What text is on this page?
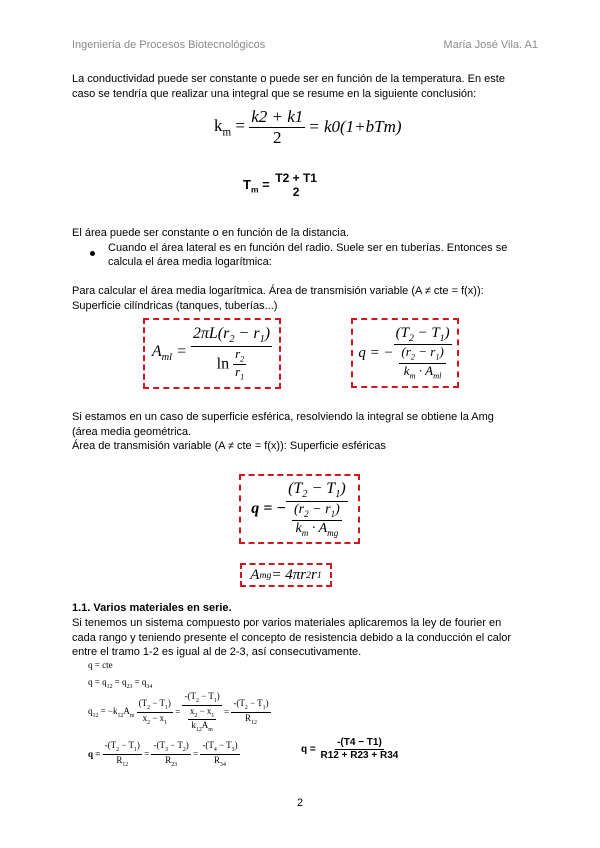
Ingeniería de Procesos Biotecnológicos	María José Vila. A1
La conductividad puede ser constante o puede ser en función de la temperatura. En este
caso se tendría que realizar una integral que se resume en la siguiente conclusión:
$k_m = \frac{k2 + k1}{2} = k0(1+bTm)$
$T_m = T2 + T1$
2
El área puede ser constante o en función de la distancia.
Cuando el área lateral es en función del radio. Suele ser en tuberías. Entonces se
calcula el área media logarítmica:
Para calcular el área media logarítmica. Área de transmisión variable (A ≠ cte = f(x)):
Superficie cilíndricas (tanques, tuberías...)
$A_{ml} = \frac{2\pi L(r_2 - r_1)}{\ln \frac{r_2}{r_1}}$	q = − $\frac{(T_2 - T_1)}{\frac{(r_2 - r_1)}{k_m \cdot A_{ml}}}$
Si estamos en un caso de superficie esférica, resolviendo la integral se obtiene la Amg
(área media geométrica.
Área de transmisión variable (A ≠ cte = f(x)): Superficie esféricas
q = − $\frac{(T_2 - T_1)}{\frac{(r_2 - r_1)}{k_m \cdot A_{mg}}}$
A mg = 4πr 2 r 1
1.1. Varios materiales en serie.
Si tenemos un sistema compuesto por varios materiales aplicaremos la ley de fourier en
cada rango y teniendo presente el concepto de resistencia debido a la conducción el calor
entre el tramo 1-2 es igual al de 2-3, así consecutivamente.
q = cte
$q = q_{12} = q_{23} = q_{34}$
$q_{12} = -k_{12}A_m \frac{(T_2 - T_1)}{x_2 - x_1} = \frac{-(T_2 - T_1)}{\frac{x_2 - x_1}{k_{12}A_m}} = \frac{-(T_2 - T_1)}{R_{12}}$
$q = \frac{-(T_2 - T_1)}{R_{12}} = \frac{-(T_3 - T_2)}{R_{23}} = \frac{-(T_4 - T_3)}{R_{34}}$	$q = \frac{-(T4 - T1)}{R12 + R23 + R34}$
2
